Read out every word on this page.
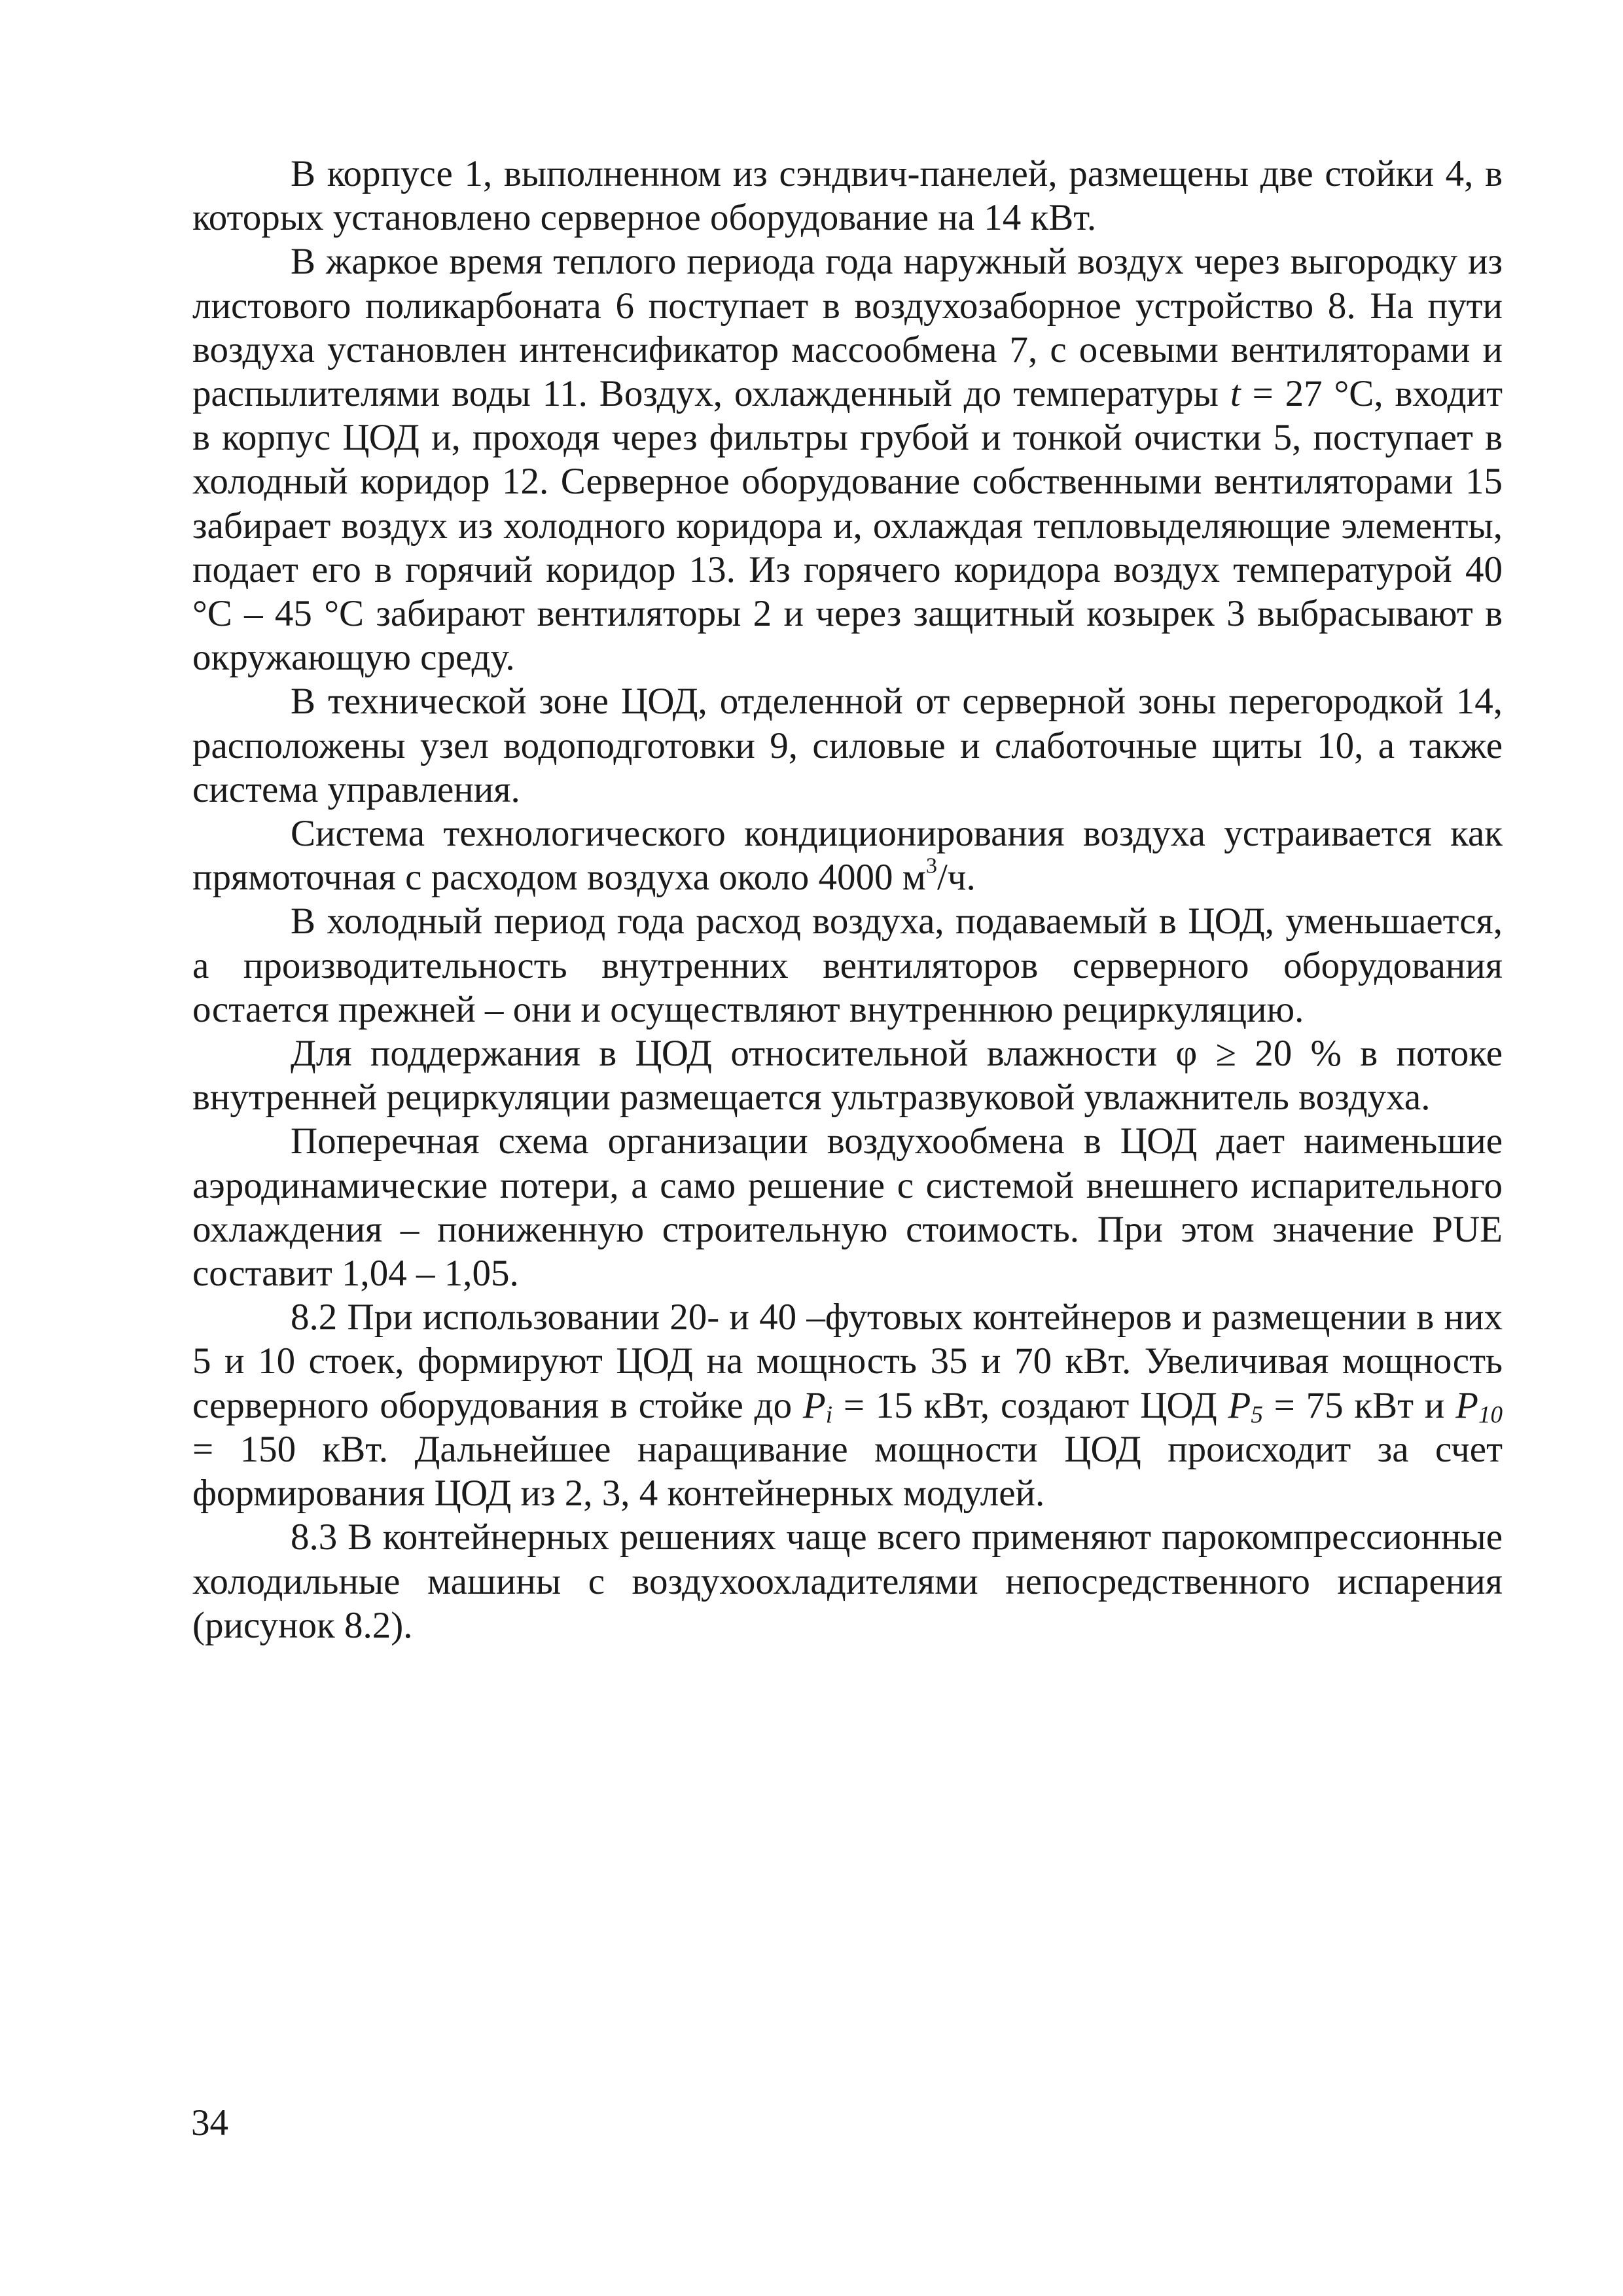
В корпусе 1, выполненном из сэндвич-панелей, размещены две стойки 4, в которых установлено серверное оборудование на 14 кВт.

В жаркое время теплого периода года наружный воздух через выгородку из листового поликарбоната 6 поступает в воздухозаборное устройство 8. На пути воздуха установлен интенсификатор массообмена 7, с осевыми вентиляторами и распылителями воды 11. Воздух, охлажденный до температуры t = 27 °С, входит в корпус ЦОД и, проходя через фильтры грубой и тонкой очистки 5, поступает в холодный коридор 12. Серверное оборудование собственными вентиляторами 15 забирает воздух из холодного коридора и, охлаждая тепловыделяющие элементы, подает его в горячий коридор 13. Из горячего коридора воздух температурой 40 °С – 45 °С забирают вентиляторы 2 и через защитный козырек 3 выбрасывают в окружающую среду.

В технической зоне ЦОД, отделенной от серверной зоны перегородкой 14, расположены узел водоподготовки 9, силовые и слаботочные щиты 10, а также система управления.

Система технологического кондиционирования воздуха устраивается как прямоточная с расходом воздуха около 4000 $м^3/ч$.

В холодный период года расход воздуха, подаваемый в ЦОД, уменьшается, а производительность внутренних вентиляторов серверного оборудования остается прежней – они и осуществляют внутреннюю рециркуляцию.

Для поддержания в ЦОД относительной влажности φ ≥ 20 % в потоке внутренней рециркуляции размещается ультразвуковой увлажнитель воздуха.

Поперечная схема организации воздухообмена в ЦОД дает наименьшие аэродинамические потери, а само решение с системой внешнего испарительного охлаждения – пониженную строительную стоимость. При этом значение PUE составит 1,04 – 1,05.

8.2 При использовании 20- и 40 –футовых контейнеров и размещении в них 5 и 10 стоек, формируют ЦОД на мощность 35 и 70 кВт. Увеличивая мощность серверного оборудования в стойке до $P_i = 15$ кВт, создают ЦОД $P_5 = 75$ кВт и $P_{10} = 150$ кВт. Дальнейшее наращивание мощности ЦОД происходит за счет формирования ЦОД из 2, 3, 4 контейнерных модулей.

8.3 В контейнерных решениях чаще всего применяют парокомпрессионные холодильные машины с воздухоохладителями непосредственного испарения (рисунок 8.2).

34
